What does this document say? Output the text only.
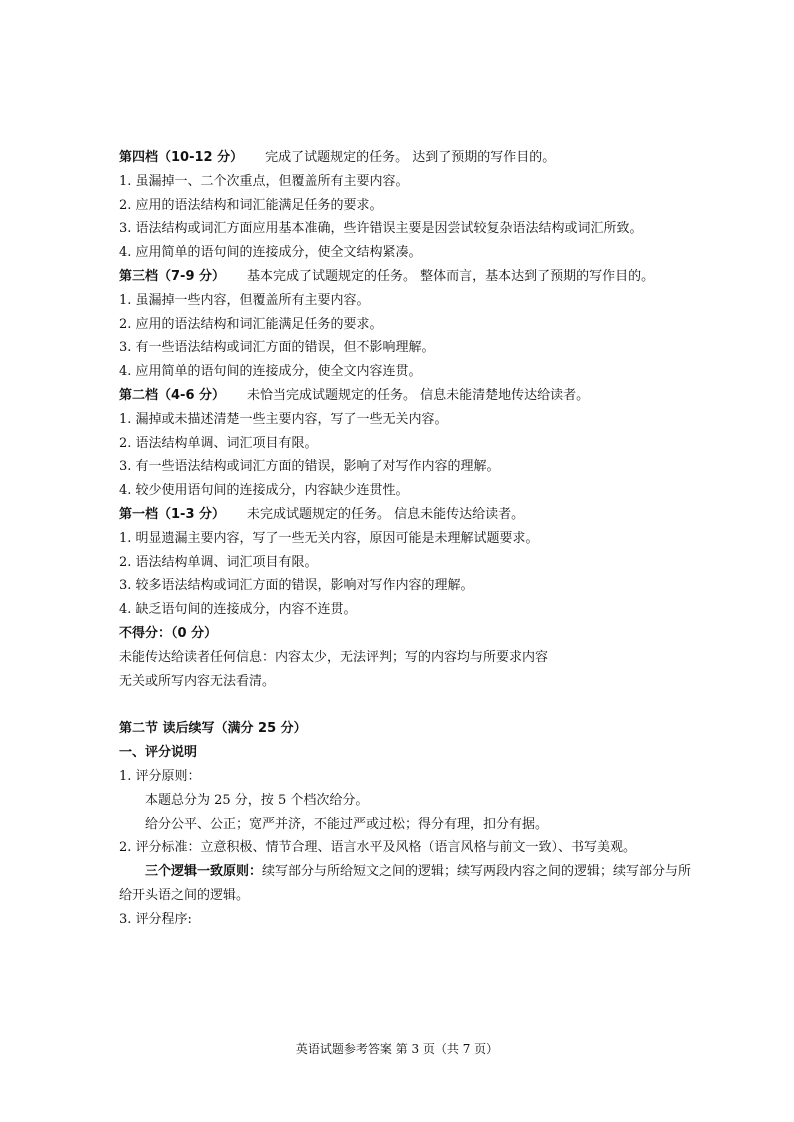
第四档（10-12 分） 完成了试题规定的任务。 达到了预期的写作目的。
1. 虽漏掉一、二个次重点，但覆盖所有主要内容。
2. 应用的语法结构和词汇能满足任务的要求。
3. 语法结构或词汇方面应用基本准确，些许错误主要是因尝试较复杂语法结构或词汇所致。
4. 应用简单的语句间的连接成分，使全文结构紧凑。
第三档（7-9 分） 基本完成了试题规定的任务。 整体而言，基本达到了预期的写作目的。
1. 虽漏掉一些内容，但覆盖所有主要内容。
2. 应用的语法结构和词汇能满足任务的要求。
3. 有一些语法结构或词汇方面的错误，但不影响理解。
4. 应用简单的语句间的连接成分，使全文内容连贯。
第二档（4-6 分） 未恰当完成试题规定的任务。 信息未能清楚地传达给读者。
1. 漏掉或未描述清楚一些主要内容，写了一些无关内容。
2. 语法结构单调、词汇项目有限。
3. 有一些语法结构或词汇方面的错误，影响了对写作内容的理解。
4. 较少使用语句间的连接成分，内容缺少连贯性。
第一档（1-3 分） 未完成试题规定的任务。 信息未能传达给读者。
1. 明显遗漏主要内容，写了一些无关内容，原因可能是未理解试题要求。
2. 语法结构单调、词汇项目有限。
3. 较多语法结构或词汇方面的错误，影响对写作内容的理解。
4. 缺乏语句间的连接成分，内容不连贯。
不得分：（0 分）
未能传达给读者任何信息：内容太少，无法评判；写的内容均与所要求内容
无关或所写内容无法看清。
第二节 读后续写（满分 25 分）
一、评分说明
1. 评分原则：
本题总分为 25 分，按 5 个档次给分。
给分公平、公正；宽严并济，不能过严或过松；得分有理，扣分有据。
2. 评分标准：立意积极、情节合理、语言水平及风格（语言风格与前文一致）、书写美观。
三个逻辑一致原则：续写部分与所给短文之间的逻辑；续写两段内容之间的逻辑；续写部分与所给开头语之间的逻辑。
3. 评分程序:
英语试题参考答案 第 3 页（共 7 页）
